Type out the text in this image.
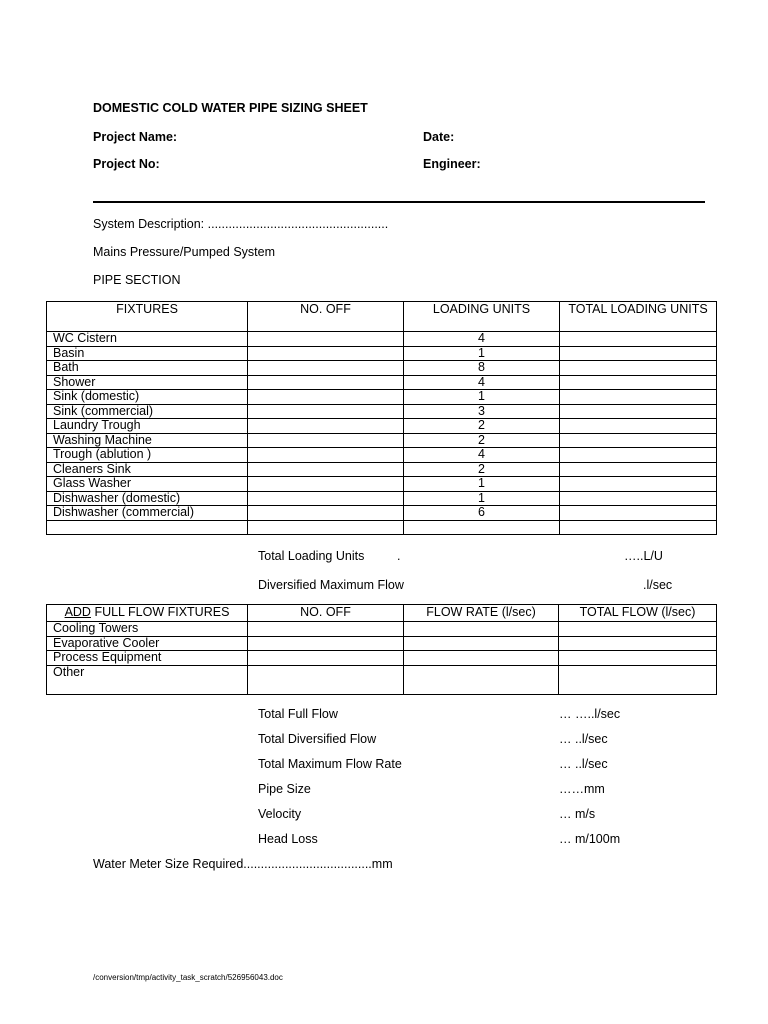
DOMESTIC COLD WATER PIPE SIZING SHEET
Project Name:	Date:
Project No:	Engineer:
System Description: ....................................................
Mains Pressure/Pumped System
PIPE SECTION
FIXTURES	NO. OFF	LOADING UNITS	TOTAL LOADING UNITS
WC Cistern		4	
Basin		1	
Bath		8	
Shower		4	
Sink (domestic)		1	
Sink (commercial)		3	
Laundry Trough		2	
Washing Machine		2	
Trough (ablution )		4	
Cleaners Sink		2	
Glass Washer		1	
Dishwasher (domestic)		1	
Dishwasher (commercial)		6	

Total Loading Units	.	…..L/U
Diversified Maximum Flow	.l/sec
ADD FULL FLOW FIXTURES	NO. OFF	FLOW RATE (l/sec)	TOTAL FLOW (l/sec)
Cooling Towers			
Evaporative Cooler			
Process Equipment			
Other			
Total Full Flow	… …..l/sec
Total Diversified Flow	… ..l/sec
Total Maximum Flow Rate	… ..l/sec
Pipe Size	……mm
Velocity	… m/s
Head Loss	… m/100m
Water Meter Size Required.....................................mm
/conversion/tmp/activity_task_scratch/526956043.doc
